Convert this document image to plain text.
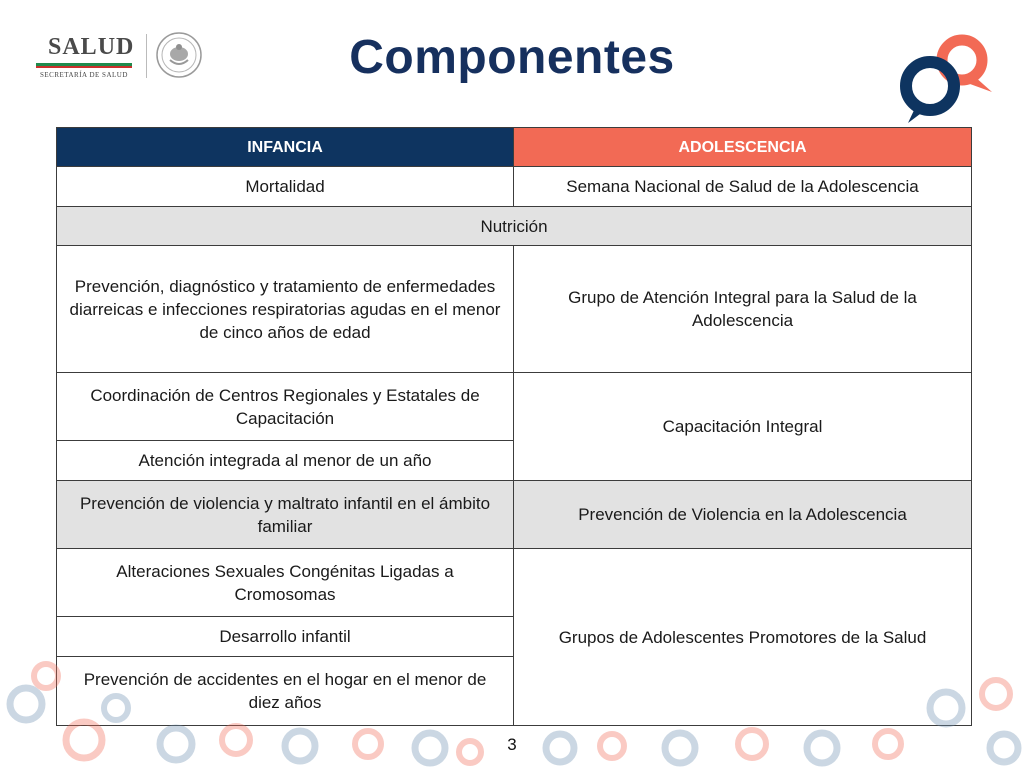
SALUD
SECRETARÍA DE SALUD	Componentes
INFANCIA	ADOLESCENCIA
Mortalidad	Semana Nacional de Salud de la Adolescencia
Nutrición	
Prevención, diagnóstico y tratamiento de enfermedades diarreicas e infecciones respiratorias agudas en el menor de cinco años de edad	Grupo de Atención Integral para la Salud de la Adolescencia
Coordinación de Centros Regionales y Estatales de Capacitación	Capacitación Integral
Atención integrada al menor de un año	
Prevención de violencia y maltrato infantil en el ámbito familiar	Prevención de Violencia en la Adolescencia
Alteraciones Sexuales Congénitas Ligadas a Cromosomas	Grupos de Adolescentes Promotores de la Salud
Desarrollo infantil	
Prevención de accidentes en el hogar en el menor de diez años	
3
